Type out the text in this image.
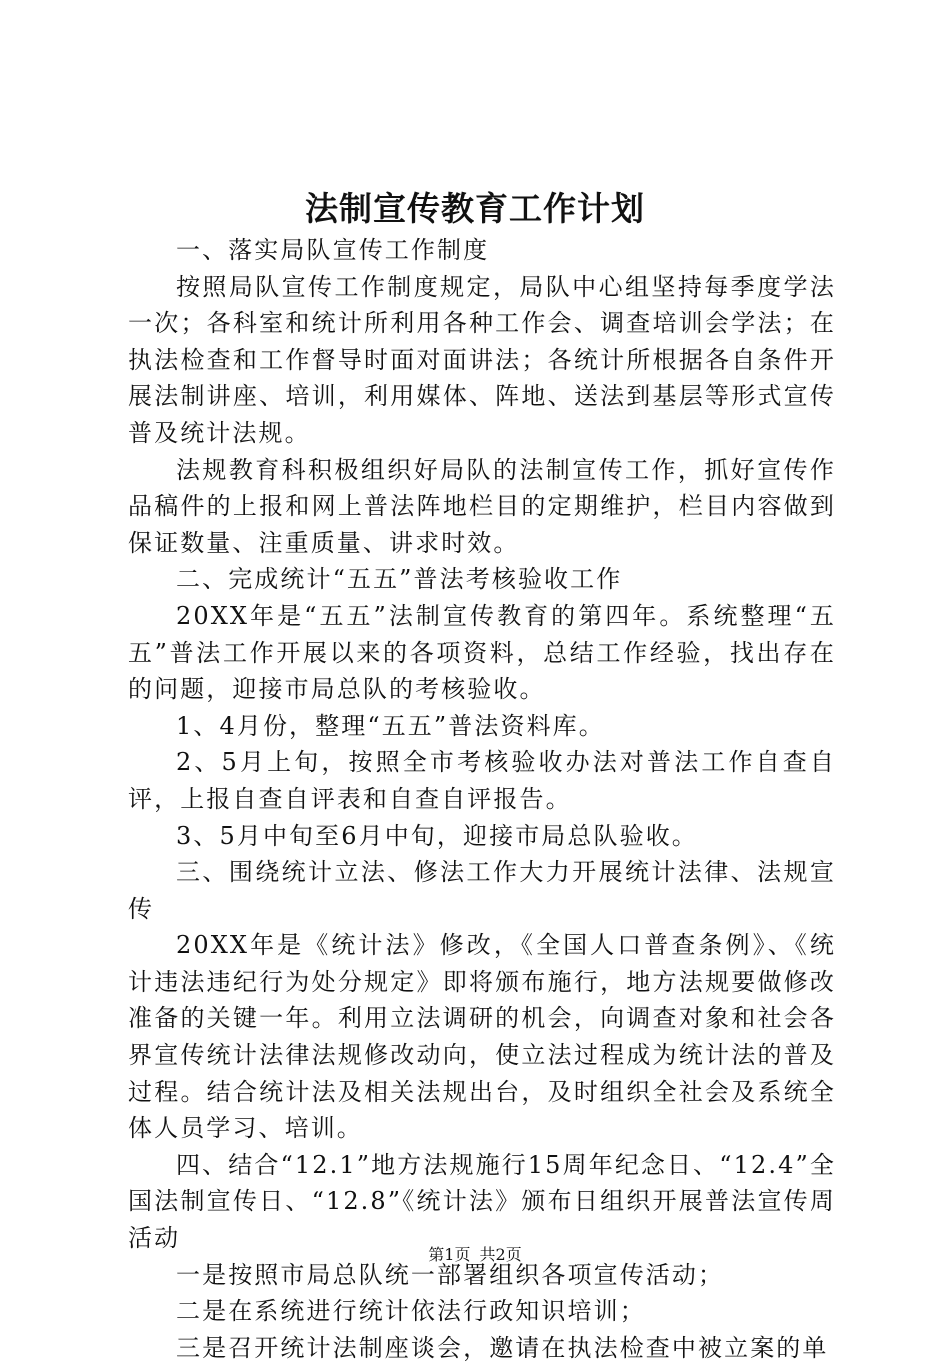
法制宣传教育工作计划

一、落实局队宣传工作制度

按照局队宣传工作制度规定，局队中心组坚持每季度学法一次；各科室和统计所利用各种工作会、调查培训会学法；在执法检查和工作督导时面对面讲法；各统计所根据各自条件开展法制讲座、培训，利用媒体、阵地、送法到基层等形式宣传普及统计法规。

法规教育科积极组织好局队的法制宣传工作，抓好宣传作品稿件的上报和网上普法阵地栏目的定期维护，栏目内容做到保证数量、注重质量、讲求时效。

二、完成统计“五五”普法考核验收工作

20XX年是“五五”法制宣传教育的第四年。系统整理“五五”普法工作开展以来的各项资料，总结工作经验，找出存在的问题，迎接市局总队的考核验收。

1、4月份，整理“五五”普法资料库。

2、5月上旬，按照全市考核验收办法对普法工作自查自评，上报自查自评表和自查自评报告。

3、5月中旬至6月中旬，迎接市局总队验收。

三、围绕统计立法、修法工作大力开展统计法律、法规宣传

20XX年是《统计法》修改，《全国人口普查条例》、《统计违法违纪行为处分规定》即将颁布施行，地方法规要做修改准备的关键一年。利用立法调研的机会，向调查对象和社会各界宣传统计法律法规修改动向，使立法过程成为统计法的普及过程。结合统计法及相关法规出台，及时组织全社会及系统全体人员学习、培训。

四、结合“12.1”地方法规施行15周年纪念日、“12.4”全国法制宣传日、“12.8”《统计法》颁布日组织开展普法宣传周活动

一是按照市局总队统一部署组织各项宣传活动；

二是在系统进行统计依法行政知识培训；

三是召开统计法制座谈会，邀请在执法检查中被立案的单

第1页 共2页
